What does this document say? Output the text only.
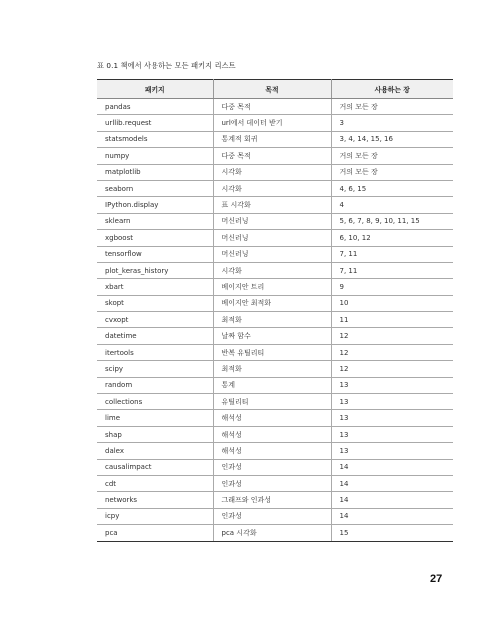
표 0.1 책에서 사용하는 모든 패키지 리스트
패키지	목적	사용하는 장
pandas	다중 목적	거의 모든 장
urllib.request	url에서 데이터 받기	3
statsmodels	통계적 회귀	3, 4, 14, 15, 16
numpy	다중 목적	거의 모든 장
matplotlib	시각화	거의 모든 장
seaborn	시각화	4, 6, 15
IPython.display	표 시각화	4
sklearn	머신러닝	5, 6, 7, 8, 9, 10, 11, 15
xgboost	머신러닝	6, 10, 12
tensorflow	머신러닝	7, 11
plot_keras_history	시각화	7, 11
xbart	베이지안 트리	9
skopt	베이지안 최적화	10
cvxopt	최적화	11
datetime	날짜 함수	12
itertools	반복 유틸리티	12
scipy	최적화	12
random	통계	13
collections	유틸리티	13
lime	해석성	13
shap	해석성	13
dalex	해석성	13
causalimpact	인과성	14
cdt	인과성	14
networks	그래프와 인과성	14
icpy	인과성	14
pca	pca 시각화	15
27
